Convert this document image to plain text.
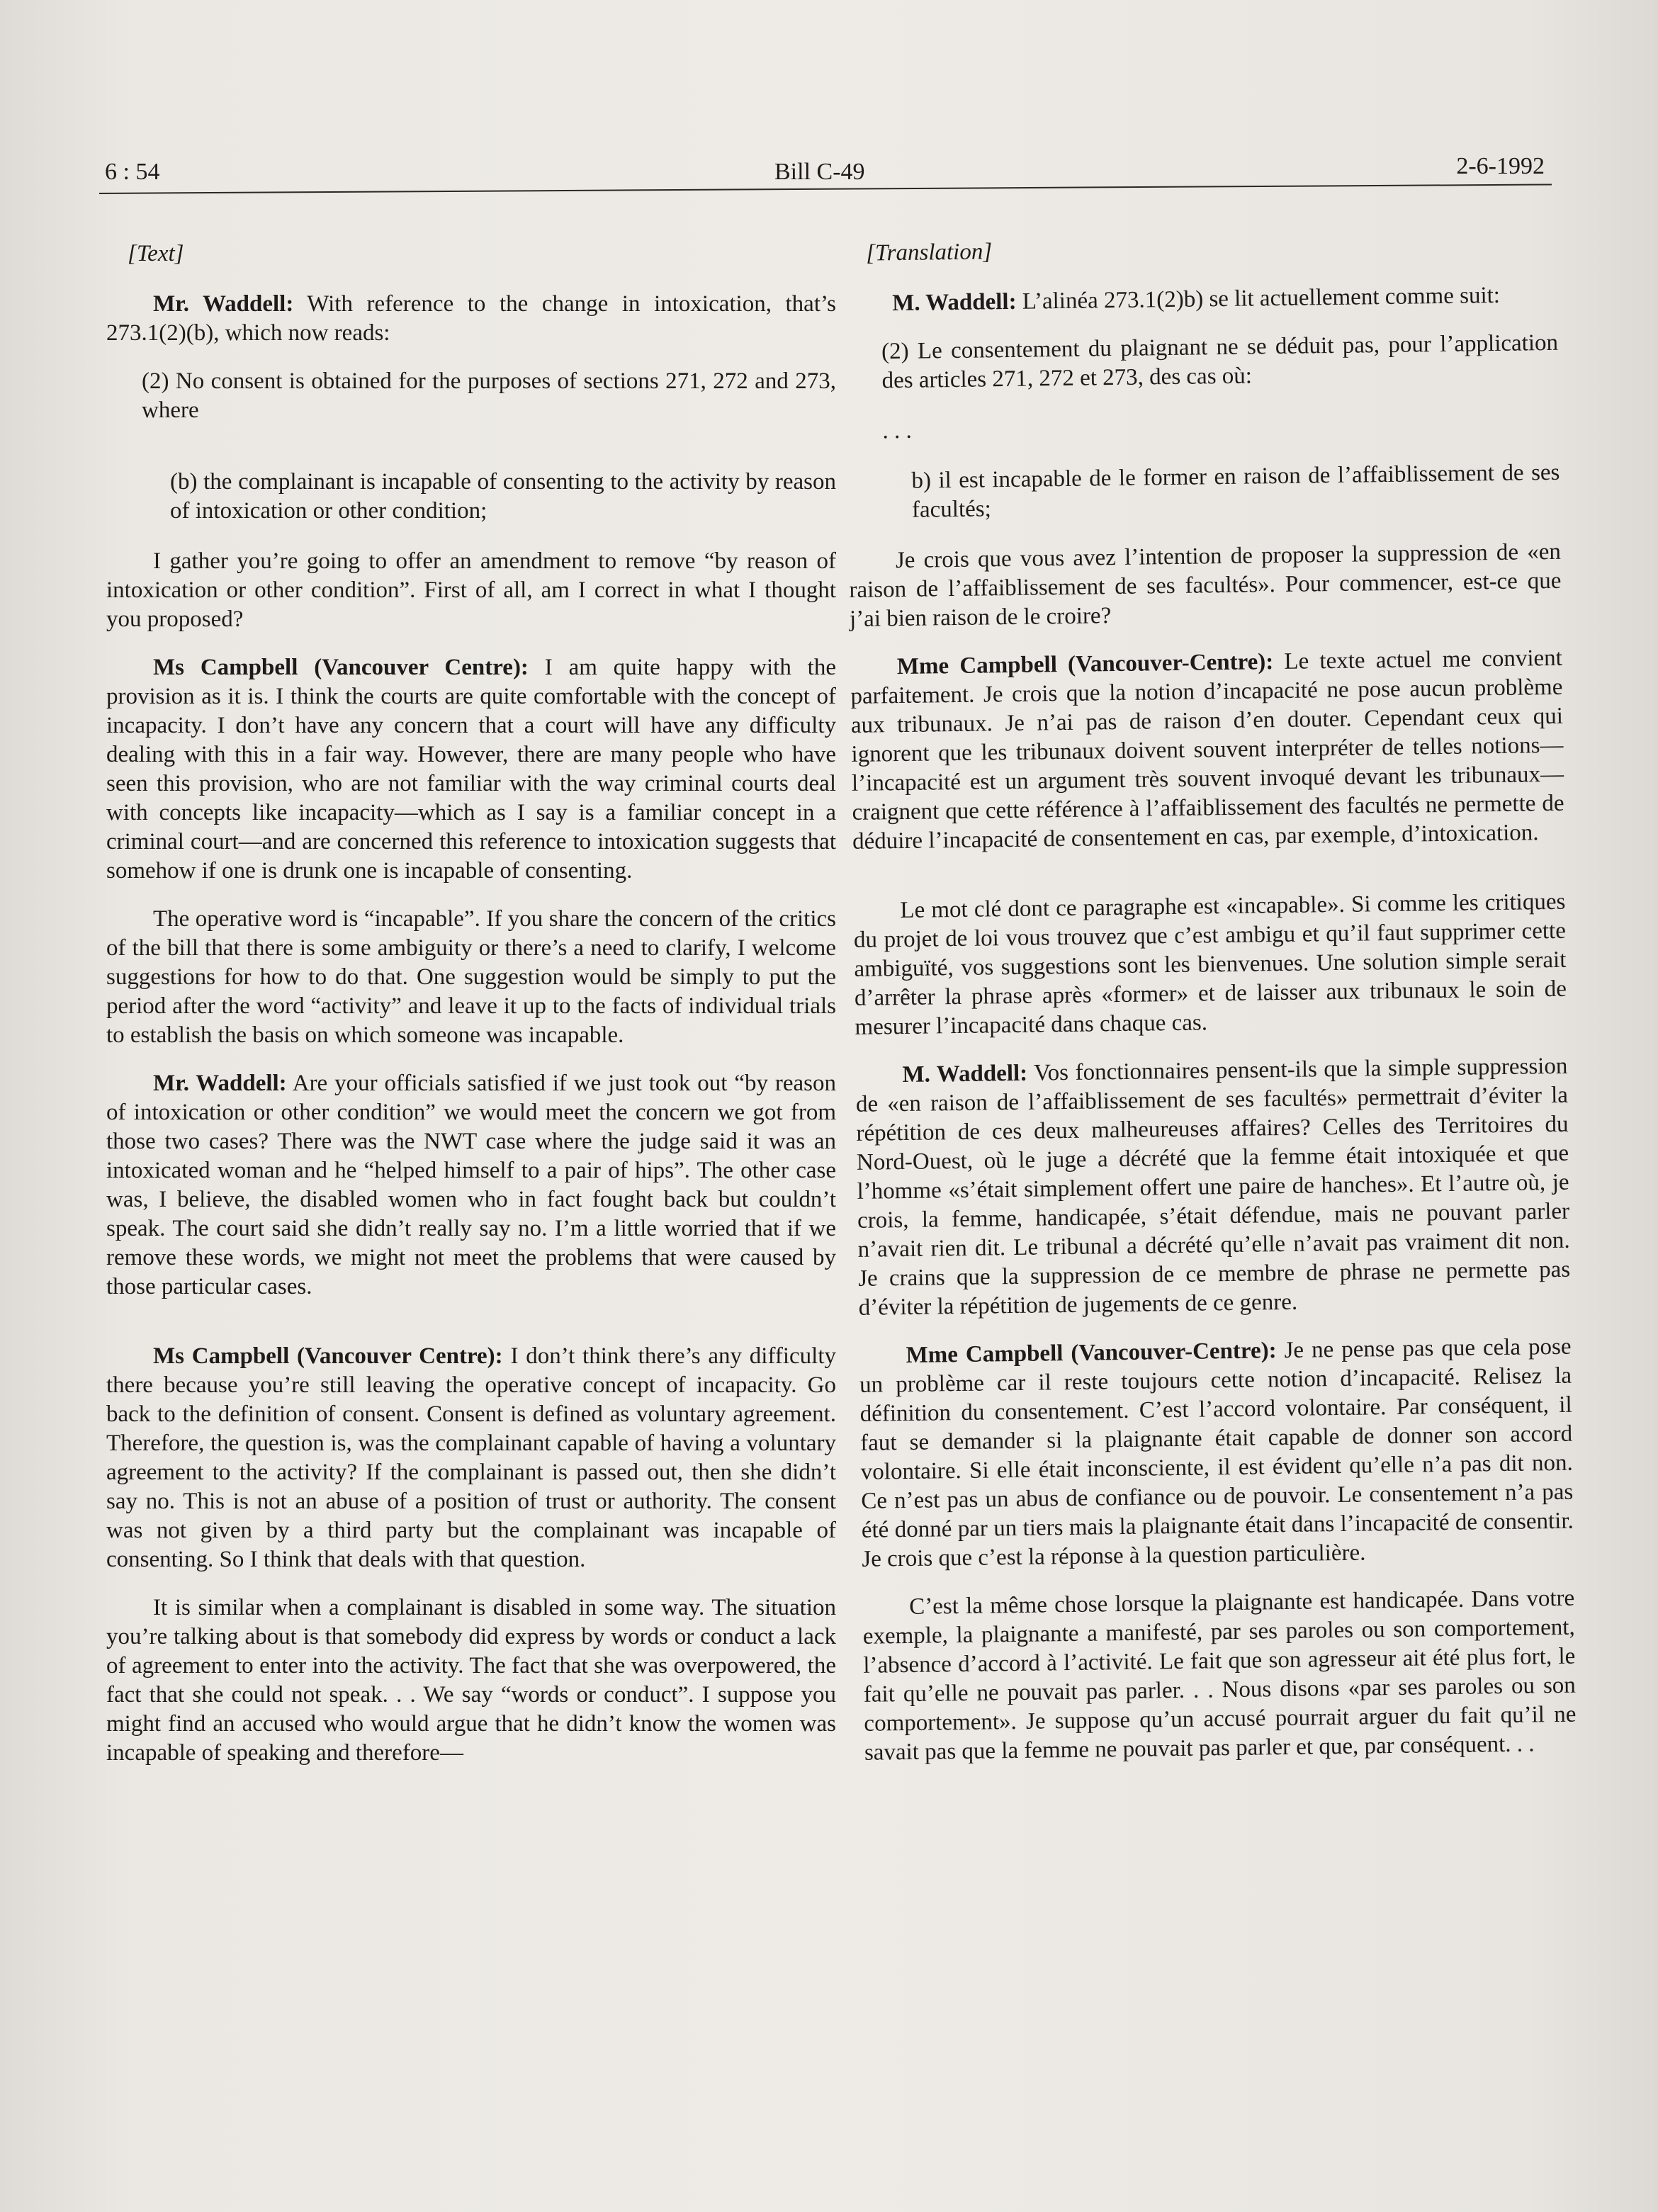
6 : 54	Bill C-49	2-6-1992
[Text]

Mr. Waddell: With reference to the change in intoxication, that’s 273.1(2)(b), which now reads:

(2) No consent is obtained for the purposes of sections 271, 272 and 273, where

(b) the complainant is incapable of consenting to the activity by reason of intoxication or other condition;

I gather you’re going to offer an amendment to remove “by reason of intoxication or other condition”. First of all, am I correct in what I thought you proposed?

Ms Campbell (Vancouver Centre): I am quite happy with the provision as it is. I think the courts are quite comfortable with the concept of incapacity. I don’t have any concern that a court will have any difficulty dealing with this in a fair way. However, there are many people who have seen this provision, who are not familiar with the way criminal courts deal with concepts like incapacity—which as I say is a familiar concept in a criminal court—and are concerned this reference to intoxication suggests that somehow if one is drunk one is incapable of consenting.

The operative word is “incapable”. If you share the concern of the critics of the bill that there is some ambiguity or there’s a need to clarify, I welcome suggestions for how to do that. One suggestion would be simply to put the period after the word “activity” and leave it up to the facts of individual trials to establish the basis on which someone was incapable.

Mr. Waddell: Are your officials satisfied if we just took out “by reason of intoxication or other condition” we would meet the concern we got from those two cases? There was the NWT case where the judge said it was an intoxicated woman and he “helped himself to a pair of hips”. The other case was, I believe, the disabled women who in fact fought back but couldn’t speak. The court said she didn’t really say no. I’m a little worried that if we remove these words, we might not meet the problems that were caused by those particular cases.

Ms Campbell (Vancouver Centre): I don’t think there’s any difficulty there because you’re still leaving the operative concept of incapacity. Go back to the definition of consent. Consent is defined as voluntary agreement. Therefore, the question is, was the complainant capable of having a voluntary agreement to the activity? If the complainant is passed out, then she didn’t say no. This is not an abuse of a position of trust or authority. The consent was not given by a third party but the complainant was incapable of consenting. So I think that deals with that question.

It is similar when a complainant is disabled in some way. The situation you’re talking about is that somebody did express by words or conduct a lack of agreement to enter into the activity. The fact that she was overpowered, the fact that she could not speak. . . We say “words or conduct”. I suppose you might find an accused who would argue that he didn’t know the women was incapable of speaking and therefore—

[Translation]

M. Waddell: L’alinéa 273.1(2)b) se lit actuellement comme suit:

(2) Le consentement du plaignant ne se déduit pas, pour l’application des articles 271, 272 et 273, des cas où:

. . .

b) il est incapable de le former en raison de l’affaiblissement de ses facultés;

Je crois que vous avez l’intention de proposer la suppression de «en raison de l’affaiblissement de ses facultés». Pour commencer, est-ce que j’ai bien raison de le croire?

Mme Campbell (Vancouver-Centre): Le texte actuel me convient parfaitement. Je crois que la notion d’incapacité ne pose aucun problème aux tribunaux. Je n’ai pas de raison d’en douter. Cependant ceux qui ignorent que les tribunaux doivent souvent interpréter de telles notions—l’incapacité est un argument très souvent invoqué devant les tribunaux—craignent que cette référence à l’affaiblissement des facultés ne permette de déduire l’incapacité de consentement en cas, par exemple, d’intoxication.

Le mot clé dont ce paragraphe est «incapable». Si comme les critiques du projet de loi vous trouvez que c’est ambigu et qu’il faut supprimer cette ambiguïté, vos suggestions sont les bienvenues. Une solution simple serait d’arrêter la phrase après «former» et de laisser aux tribunaux le soin de mesurer l’incapacité dans chaque cas.

M. Waddell: Vos fonctionnaires pensent-ils que la simple suppression de «en raison de l’affaiblissement de ses facultés» permettrait d’éviter la répétition de ces deux malheureuses affaires? Celles des Territoires du Nord-Ouest, où le juge a décrété que la femme était intoxiquée et que l’homme «s’était simplement offert une paire de hanches». Et l’autre où, je crois, la femme, handicapée, s’était défendue, mais ne pouvant parler n’avait rien dit. Le tribunal a décrété qu’elle n’avait pas vraiment dit non. Je crains que la suppression de ce membre de phrase ne permette pas d’éviter la répétition de jugements de ce genre.

Mme Campbell (Vancouver-Centre): Je ne pense pas que cela pose un problème car il reste toujours cette notion d’incapacité. Relisez la définition du consentement. C’est l’accord volontaire. Par conséquent, il faut se demander si la plaignante était capable de donner son accord volontaire. Si elle était inconsciente, il est évident qu’elle n’a pas dit non. Ce n’est pas un abus de confiance ou de pouvoir. Le consentement n’a pas été donné par un tiers mais la plaignante était dans l’incapacité de consentir. Je crois que c’est la réponse à la question particulière.

C’est la même chose lorsque la plaignante est handicapée. Dans votre exemple, la plaignante a manifesté, par ses paroles ou son comportement, l’absence d’accord à l’activité. Le fait que son agresseur ait été plus fort, le fait qu’elle ne pouvait pas parler. . . Nous disons «par ses paroles ou son comportement». Je suppose qu’un accusé pourrait arguer du fait qu’il ne savait pas que la femme ne pouvait pas parler et que, par conséquent. . .
